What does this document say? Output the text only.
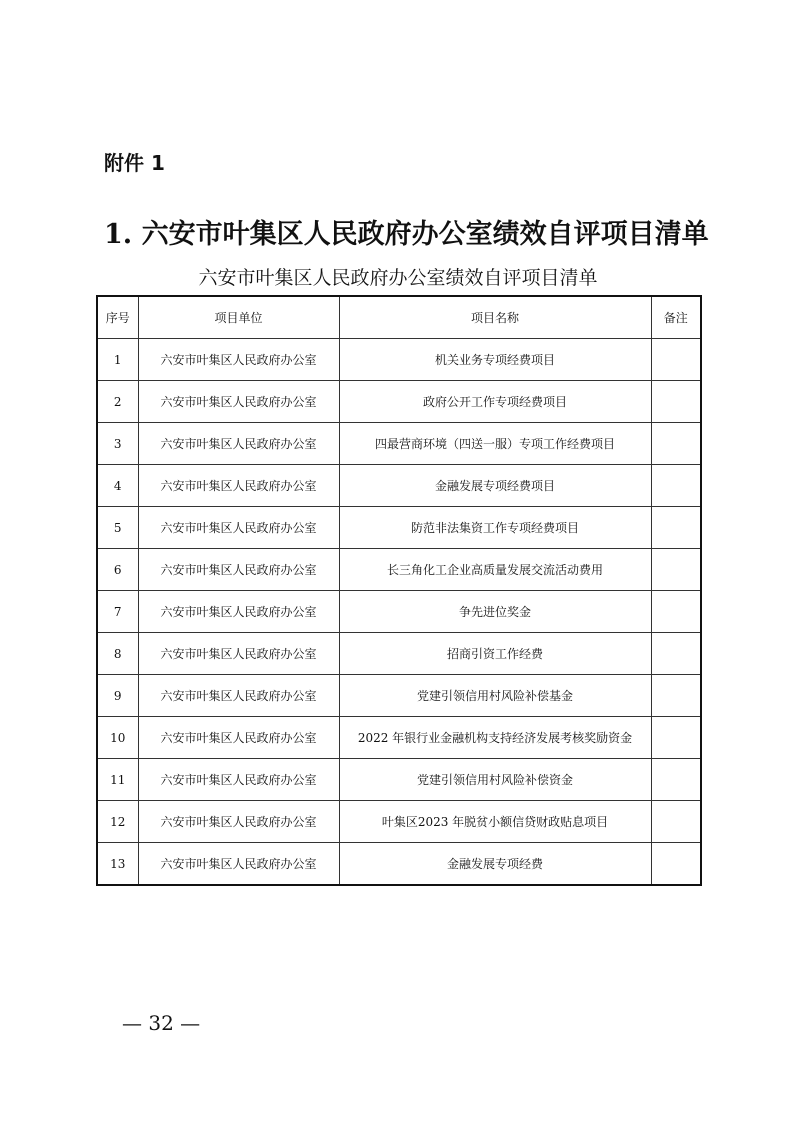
附件 1
1. 六安市叶集区人民政府办公室绩效自评项目清单
六安市叶集区人民政府办公室绩效自评项目清单
序号	项目单位	项目名称	备注
1	六安市叶集区人民政府办公室	机关业务专项经费项目	
2	六安市叶集区人民政府办公室	政府公开工作专项经费项目	
3	六安市叶集区人民政府办公室	四最营商环境（四送一服）专项工作经费项目	
4	六安市叶集区人民政府办公室	金融发展专项经费项目	
5	六安市叶集区人民政府办公室	防范非法集资工作专项经费项目	
6	六安市叶集区人民政府办公室	长三角化工企业高质量发展交流活动费用	
7	六安市叶集区人民政府办公室	争先进位奖金	
8	六安市叶集区人民政府办公室	招商引资工作经费	
9	六安市叶集区人民政府办公室	党建引领信用村风险补偿基金	
10	六安市叶集区人民政府办公室	2022 年银行业金融机构支持经济发展考核奖励资金	
11	六安市叶集区人民政府办公室	党建引领信用村风险补偿资金	
12	六安市叶集区人民政府办公室	叶集区2023 年脱贫小额信贷财政贴息项目	
13	六安市叶集区人民政府办公室	金融发展专项经费	
— 32 —
